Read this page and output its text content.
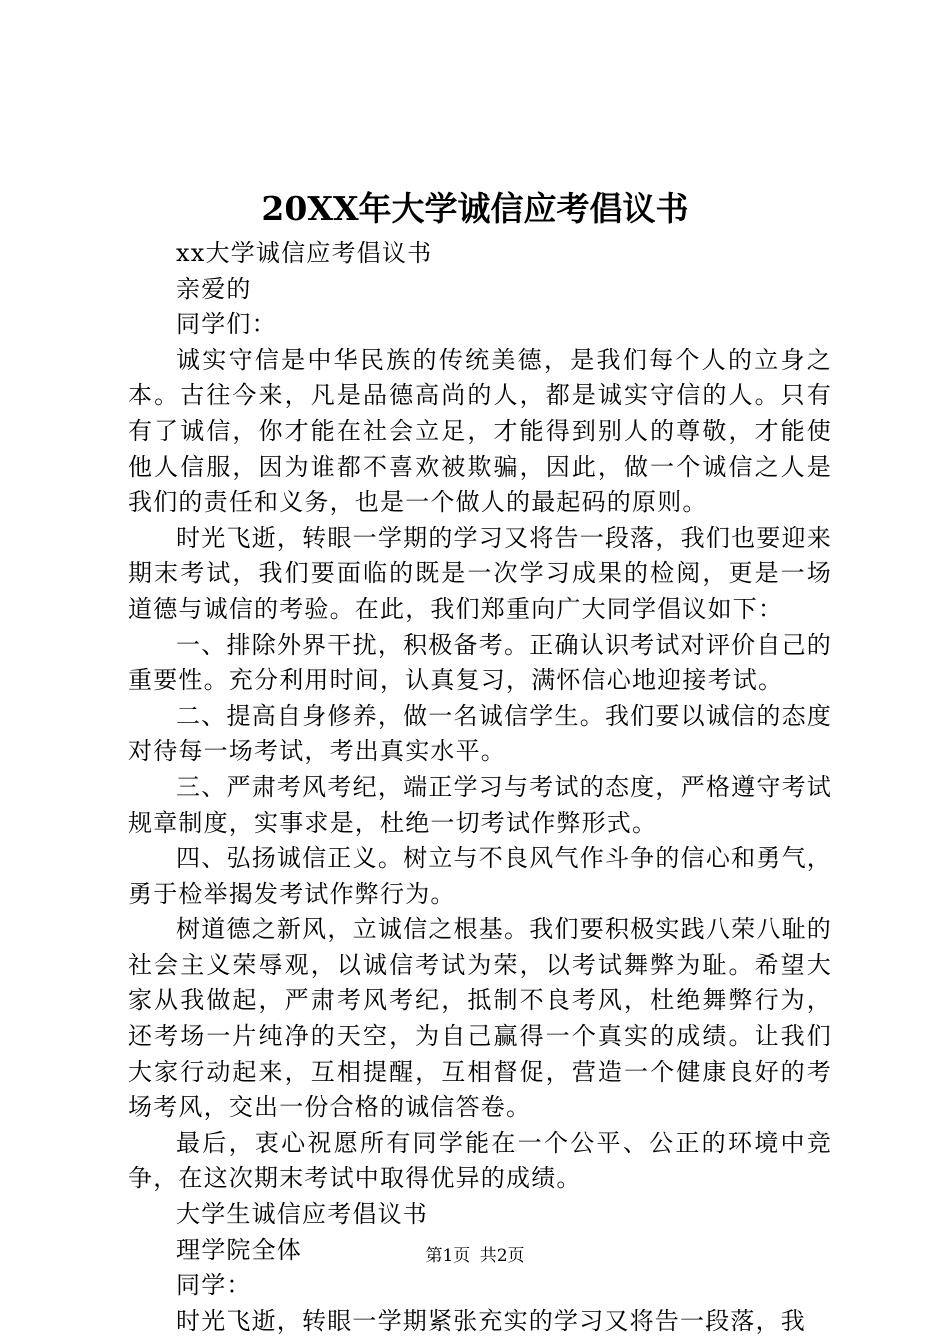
20XX年大学诚信应考倡议书

xx大学诚信应考倡议书

亲爱的

同学们：

诚实守信是中华民族的传统美德，是我们每个人的立身之本。古往今来，凡是品德高尚的人，都是诚实守信的人。只有有了诚信，你才能在社会立足，才能得到别人的尊敬，才能使他人信服，因为谁都不喜欢被欺骗，因此，做一个诚信之人是我们的责任和义务，也是一个做人的最起码的原则。

时光飞逝，转眼一学期的学习又将告一段落，我们也要迎来期末考试，我们要面临的既是一次学习成果的检阅，更是一场道德与诚信的考验。在此，我们郑重向广大同学倡议如下：

一、排除外界干扰，积极备考。正确认识考试对评价自己的重要性。充分利用时间，认真复习，满怀信心地迎接考试。

二、提高自身修养，做一名诚信学生。我们要以诚信的态度对待每一场考试，考出真实水平。

三、严肃考风考纪，端正学习与考试的态度，严格遵守考试规章制度，实事求是，杜绝一切考试作弊形式。

四、弘扬诚信正义。树立与不良风气作斗争的信心和勇气，勇于检举揭发考试作弊行为。

树道德之新风，立诚信之根基。我们要积极实践八荣八耻的社会主义荣辱观，以诚信考试为荣，以考试舞弊为耻。希望大家从我做起，严肃考风考纪，抵制不良考风，杜绝舞弊行为，还考场一片纯净的天空，为自己赢得一个真实的成绩。让我们大家行动起来，互相提醒，互相督促，营造一个健康良好的考场考风，交出一份合格的诚信答卷。

最后，衷心祝愿所有同学能在一个公平、公正的环境中竞争，在这次期末考试中取得优异的成绩。

大学生诚信应考倡议书

理学院全体

同学：

时光飞逝，转眼一学期紧张充实的学习又将告一段落，我

第1页 共2页
